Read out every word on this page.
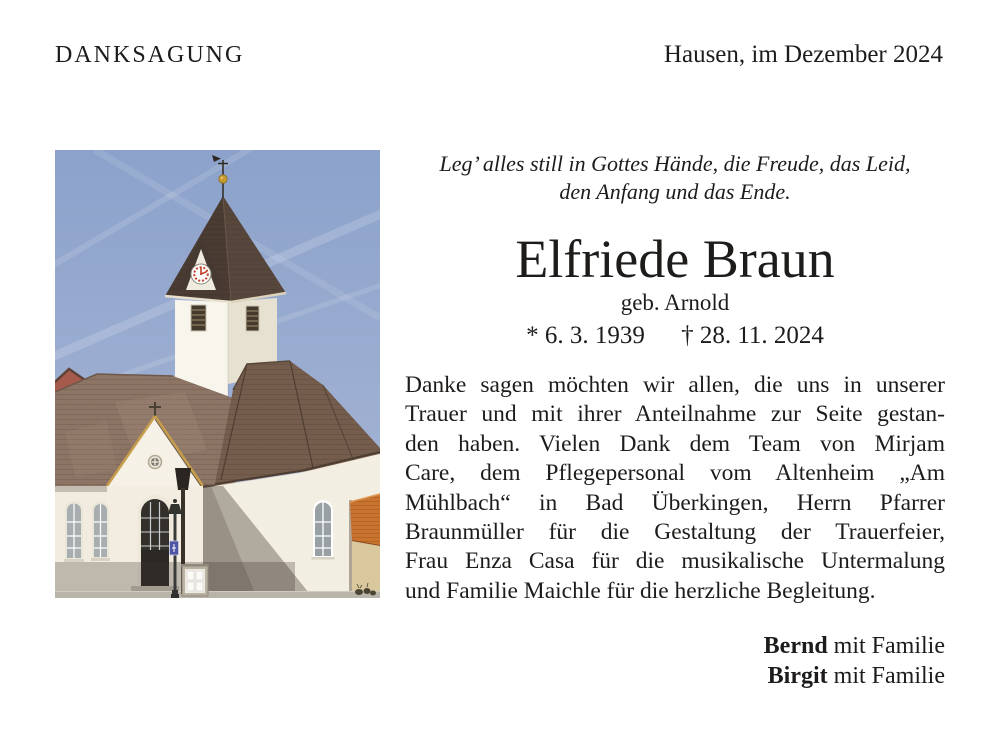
DANKSAGUNG	Hausen, im Dezember 2024
Leg’ alles still in Gottes Hände, die Freude, das Leid,
den Anfang und das Ende.
Elfriede Braun
geb. Arnold
* 6. 3. 1939 † 28. 11. 2024
Danke sagen möchten wir allen, die uns in unserer
Trauer und mit ihrer Anteilnahme zur Seite gestan-
den haben. Vielen Dank dem Team von Mirjam
Care, dem Pflegepersonal vom Altenheim „Am
Mühlbach“ in Bad Überkingen, Herrn Pfarrer
Braunmüller für die Gestaltung der Trauerfeier,
Frau Enza Casa für die musikalische Untermalung
und Familie Maichle für die herzliche Begleitung.
Bernd mit Familie
Birgit mit Familie
